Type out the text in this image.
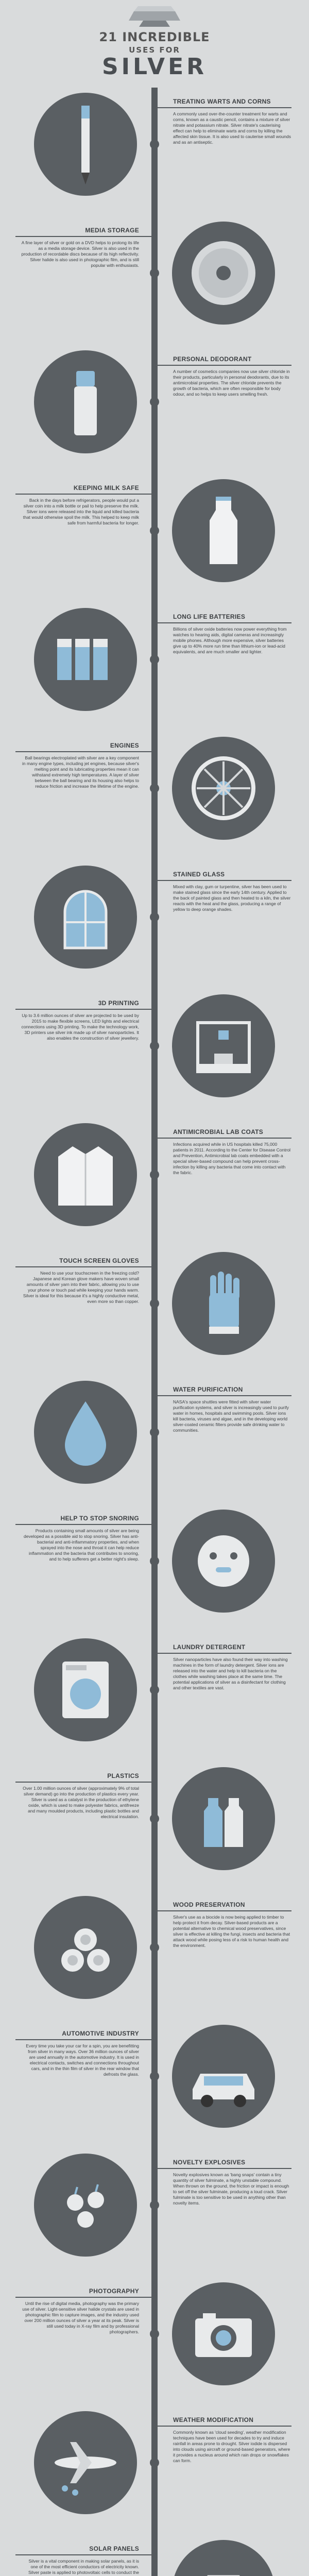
21 INCREDIBLE
USES FOR
SILVER
TREATING WARTS AND CORNS
A commonly used over-the-counter treatment for warts and corns, known as a caustic pencil, contains a mixture of silver nitrate and potassium nitrate. Silver nitrate's cauterising effect can help to eliminate warts and corns by killing the affected skin tissue. It is also used to cauterise small wounds and as an antiseptic.
MEDIA STORAGE
A fine layer of silver or gold on a DVD helps to prolong its life as a media storage device. Silver is also used in the production of recordable discs because of its high reflectivity. Silver halide is also used in photographic film, and is still popular with enthusiasts.
PERSONAL DEODORANT
A number of cosmetics companies now use silver chloride in their products, particularly in personal deodorants, due to its antimicrobial properties. The silver chloride prevents the growth of bacteria, which are often responsible for body odour, and so helps to keep users smelling fresh.
KEEPING MILK SAFE
Back in the days before refrigerators, people would put a silver coin into a milk bottle or pail to help preserve the milk. Silver ions were released into the liquid and killed bacteria that would otherwise spoil the milk. This helped to keep milk safe from harmful bacteria for longer.
LONG LIFE BATTERIES
Billions of silver oxide batteries now power everything from watches to hearing aids, digital cameras and increasingly mobile phones. Although more expensive, silver batteries give up to 40% more run time than lithium-ion or lead-acid equivalents, and are much smaller and lighter.
ENGINES
Ball bearings electroplated with silver are a key component in many engine types, including jet engines, because silver's melting point and its lubricating properties mean it can withstand extremely high temperatures. A layer of silver between the ball bearing and its housing also helps to reduce friction and increase the lifetime of the engine.
STAINED GLASS
Mixed with clay, gum or turpentine, silver has been used to make stained glass since the early 14th century. Applied to the back of painted glass and then heated to a kiln, the silver reacts with the heat and the glass, producing a range of yellow to deep orange shades.
3D PRINTING
Up to 3.6 million ounces of silver are projected to be used by 2015 to make flexible screens, LED lights and electrical connections using 3D printing. To make the technology work, 3D printers use silver ink made up of silver nanoparticles. It also enables the construction of silver jewellery.
ANTIMICROBIAL LAB COATS
Infections acquired while in US hospitals killed 75,000 patients in 2011. According to the Center for Disease Control and Prevention, Antimicrobial lab coats embedded with a special silver-based compound can help prevent cross-infection by killing any bacteria that come into contact with the fabric.
TOUCH SCREEN GLOVES
Need to use your touchscreen in the freezing cold? Japanese and Korean glove makers have woven small amounts of silver yarn into their fabric, allowing you to use your phone or touch pad while keeping your hands warm. Silver is ideal for this because it's a highly conductive metal, even more so than copper.
WATER PURIFICATION
NASA's space shuttles were fitted with silver water purification systems, and silver is increasingly used to purify water in homes, hospitals and swimming pools. Silver ions kill bacteria, viruses and algae, and in the developing world silver-coated ceramic filters provide safe drinking water to communities.
HELP TO STOP SNORING
Products containing small amounts of silver are being developed as a possible aid to stop snoring. Silver has anti-bacterial and anti-inflammatory properties, and when sprayed into the nose and throat it can help reduce inflammation and the bacteria that contributes to snoring, and to help sufferers get a better night's sleep.
LAUNDRY DETERGENT
Silver nanoparticles have also found their way into washing machines in the form of laundry detergent. Silver ions are released into the water and help to kill bacteria on the clothes while washing takes place at the same time. The potential applications of silver as a disinfectant for clothing and other textiles are vast.
PLASTICS
Over 1.00 million ounces of silver (approximately 9% of total silver demand) go into the production of plastics every year. Silver is used as a catalyst in the production of ethylene oxide, which is used to make polyester fabrics, antifreeze and many moulded products, including plastic bottles and electrical insulation.
WOOD PRESERVATION
Silver's use as a biocide is now being applied to timber to help protect it from decay. Silver-based products are a potential alternative to chemical wood preservatives, since silver is effective at killing the fungi, insects and bacteria that attack wood while posing less of a risk to human health and the environment.
AUTOMOTIVE INDUSTRY
Every time you take your car for a spin, you are benefitting from silver in many ways. Over 36 million ounces of silver are used annually in the automotive industry. It is used in electrical contacts, switches and connections throughout cars, and in the thin film of silver in the rear window that defrosts the glass.
NOVELTY EXPLOSIVES
Novelty explosives known as 'bang snaps' contain a tiny quantity of silver fulminate, a highly unstable compound. When thrown on the ground, the friction or impact is enough to set off the silver fulminate, producing a loud crack. Silver fulminate is too sensitive to be used in anything other than novelty items.
PHOTOGRAPHY
Until the rise of digital media, photography was the primary use of silver. Light-sensitive silver halide crystals are used in photographic film to capture images, and the industry used over 200 million ounces of silver a year at its peak. Silver is still used today in X-ray film and by professional photographers.
WEATHER MODIFICATION
Commonly known as 'cloud seeding', weather modification techniques have been used for decades to try and induce rainfall in areas prone to drought. Silver iodide is dispersed into clouds using aircraft or ground-based generators, where it provides a nucleus around which rain drops or snowflakes can form.
SOLAR PANELS
Silver is a vital component in making solar panels, as it is one of the most efficient conductors of electricity known. Silver paste is applied to photovoltaic cells to conduct the
